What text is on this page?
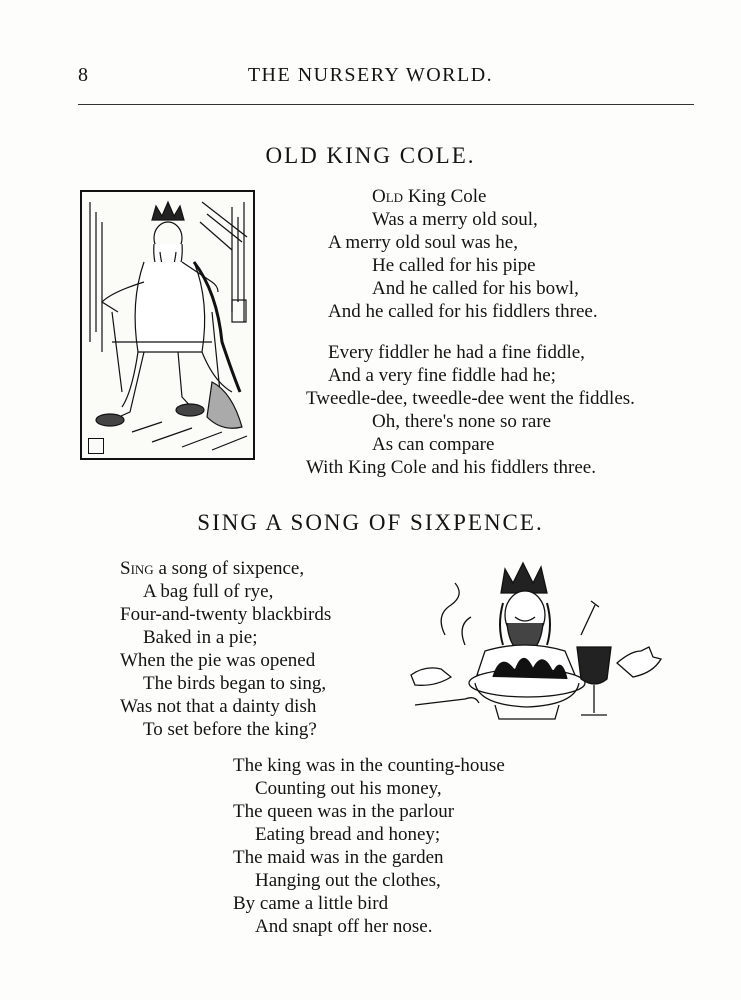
8	THE NURSERY WORLD.
OLD KING COLE.
Old King Cole
Was a merry old soul,
A merry old soul was he,
He called for his pipe
And he called for his bowl,
And he called for his fiddlers three.
Every fiddler he had a fine fiddle,
And a very fine fiddle had he;
Tweedle-dee, tweedle-dee went the fiddles.
Oh, there's none so rare
As can compare
With King Cole and his fiddlers three.
SING A SONG OF SIXPENCE.
Sing a song of sixpence,
A bag full of rye,
Four-and-twenty blackbirds
Baked in a pie;
When the pie was opened
The birds began to sing,
Was not that a dainty dish
To set before the king?
The king was in the counting-house
Counting out his money,
The queen was in the parlour
Eating bread and honey;
The maid was in the garden
Hanging out the clothes,
By came a little bird
And snapt off her nose.
